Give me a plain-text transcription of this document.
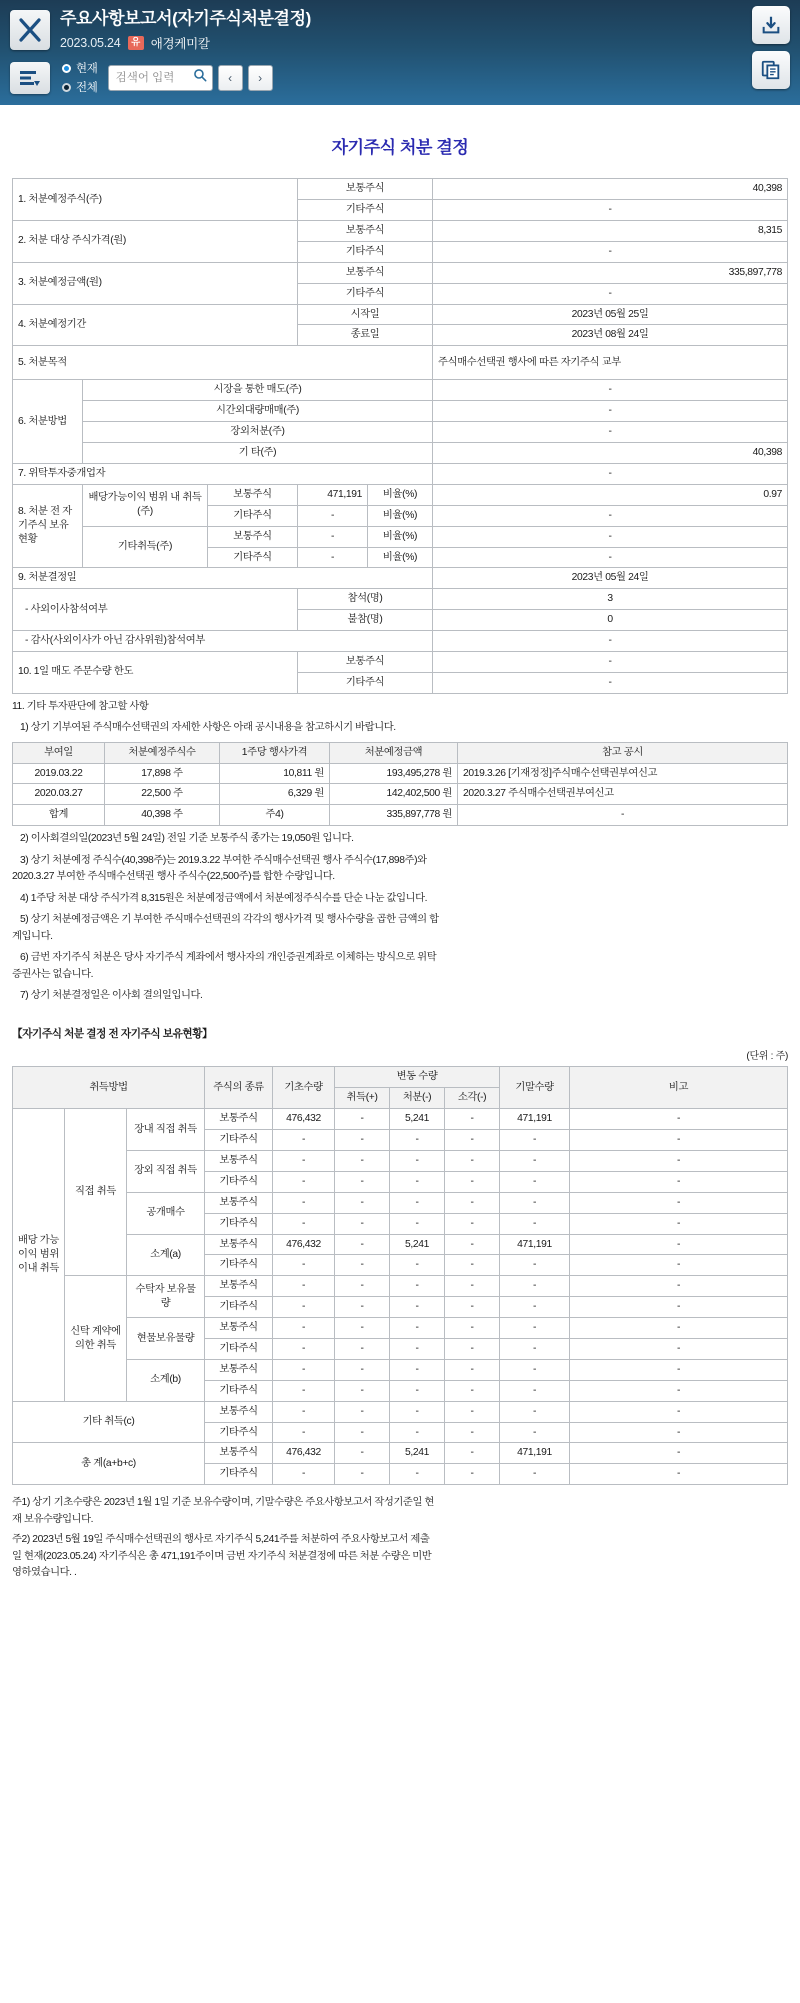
주요사항보고서(자기주식처분결정)
2023.05.24	유 애경케미칼
현재
전체
검색어 입력
‹	›
자기주식 처분 결정
1. 처분예정주식(주)			보통주식		40,398
			기타주식		-
2. 처분 대상 주식가격(원)			보통주식		8,315
			기타주식		-
3. 처분예정금액(원)			보통주식		335,897,778
			기타주식		-
4. 처분예정기간			시작일		2023년 05월 25일
			종료일		2023년 08월 24일
5. 처분목적					주식매수선택권 행사에 따른 자기주식 교부
6. 처분방법	시장을 통한 매도(주)				-
	시간외대량매매(주)				-
	장외처분(주)				-
	기 타(주)				40,398
7. 위탁투자중개업자					-
8. 처분 전 자기주식 보유현황	배당가능이익 범위 내 취득(주)	보통주식	471,191	비율(%)	0.97
		기타주식	-	비율(%)	-
	기타취득(주)	보통주식	-	비율(%)	-
		기타주식	-	비율(%)	-
9. 처분결정일					2023년 05월 24일
- 사외이사참석여부			참석(명)		3
			불참(명)		0
- 감사(사외이사가 아닌 감사위원)참석여부					-
10. 1일 매도 주문수량 한도			보통주식		-
			기타주식		-

11. 기타 투자판단에 참고할 사항

1) 상기 기부여된 주식매수선택권의 자세한 사항은 아래 공시내용을 참고하시기 바랍니다.

부여일	처분예정주식수	1주당 행사가격	처분예정금액	참고 공시
2019.03.22	17,898 주	10,811 원	193,495,278 원	2019.3.26 [기재정정]주식매수선택권부여신고
2020.03.27	22,500 주	6,329 원	142,402,500 원	2020.3.27 주식매수선택권부여신고
합계	40,398 주	주4)	335,897,778 원	-

2) 이사회결의일(2023년 5월 24일) 전일 기준 보통주식 종가는 19,050원 입니다.

3) 상기 처분예정 주식수(40,398주)는 2019.3.22 부여한 주식매수선택권 행사 주식수(17,898주)와

2020.3.27 부여한 주식매수선택권 행사 주식수(22,500주)를 합한 수량입니다.

4) 1주당 처분 대상 주식가격 8,315원은 처분예정금액에서 처분예정주식수를 단순 나눈 값입니다.

5) 상기 처분예정금액은 기 부여한 주식매수선택권의 각각의 행사가격 및 행사수량을 곱한 금액의 합

계입니다.

6) 금번 자기주식 처분은 당사 자기주식 계좌에서 행사자의 개인증권계좌로 이체하는 방식으로 위탁

증권사는 없습니다.

7) 상기 처분결정일은 이사회 결의일입니다.

【자기주식 처분 결정 전 자기주식 보유현황】
(단위 : 주)
취득방법			주식의 종류	기초수량	변동 수량			기말수량	비고
					취득(+)	처분(-)	소각(-)		
배당 가능 이익 범위 이내 취득	직접 취득	장내 직접 취득	보통주식	476,432	-	5,241	-	471,191	-
			기타주식	-	-	-	-	-	-
		장외 직접 취득	보통주식	-	-	-	-	-	-
			기타주식	-	-	-	-	-	-
		공개매수	보통주식	-	-	-	-	-	-
			기타주식	-	-	-	-	-	-
		소계(a)	보통주식	476,432	-	5,241	-	471,191	-
			기타주식	-	-	-	-	-	-
	신탁 계약에 의한 취득	수탁자 보유물량	보통주식	-	-	-	-	-	-
			기타주식	-	-	-	-	-	-
		현물보유물량	보통주식	-	-	-	-	-	-
			기타주식	-	-	-	-	-	-
		소계(b)	보통주식	-	-	-	-	-	-
			기타주식	-	-	-	-	-	-
기타 취득(c)			보통주식	-	-	-	-	-	-
			기타주식	-	-	-	-	-	-
총 계(a+b+c)			보통주식	476,432	-	5,241	-	471,191	-
			기타주식	-	-	-	-	-	-

주1) 상기 기초수량은 2023년 1월 1일 기준 보유수량이며, 기말수량은 주요사항보고서 작성기준일 현

재 보유수량입니다.

주2) 2023년 5월 19일 주식매수선택권의 행사로 자기주식 5,241주를 처분하여 주요사항보고서 제출

일 현재(2023.05.24) 자기주식은 총 471,191주이며 금번 자기주식 처분결정에 따른 처분 수량은 미반

영하였습니다. .
